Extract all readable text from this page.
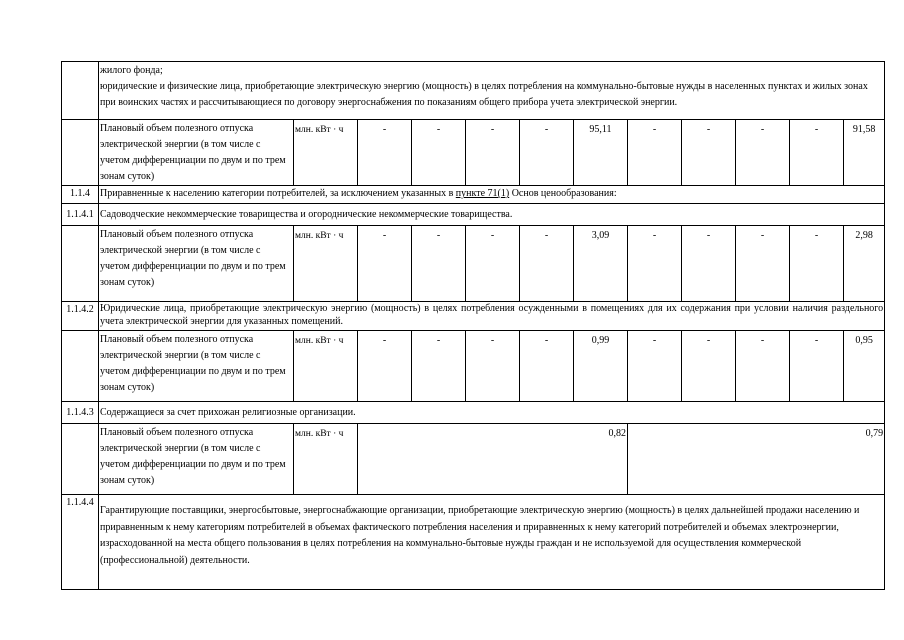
	жилого фонда;
юридические и физические лица, приобретающие электрическую энергию (мощность) в целях потребления на коммунально-бытовые нужды в населенных пунктах и жилых зонах при воинских частях и рассчитывающиеся по договору энергоснабжения по показаниям общего прибора учета электрической энергии.											

	Плановый объем полезного отпуска электрической энергии (в том числе с учетом дифференциации по двум и по трем зонам суток)	млн. кВт · ч	-	-	-	-	95,11	-	-	-	-	91,58
1.1.4	Приравненные к населению категории потребителей, за исключением указанных в пункте 71(1) Основ ценообразования:											
1.1.4.1	Садоводческие некоммерческие товарищества и огороднические некоммерческие товарищества.											
	Плановый объем полезного отпуска электрической энергии (в том числе с учетом дифференциации по двум и по трем зонам суток)	млн. кВт · ч	-	-	-	-	3,09	-	-	-	-	2,98
1.1.4.2	Юридические лица, приобретающие электрическую энергию (мощность) в целях потребления осужденными в помещениях для их содержания при условии наличия раздельного учета электрической энергии для указанных помещений.											
	Плановый объем полезного отпуска электрической энергии (в том числе с учетом дифференциации по двум и по трем зонам суток)	млн. кВт · ч	-	-	-	-	0,99	-	-	-	-	0,95
1.1.4.3	Содержащиеся за счет прихожан религиозные организации.											
	Плановый объем полезного отпуска электрической энергии (в том числе с учетом дифференциации по двум и по трем зонам суток)	млн. кВт · ч	0,82					0,79				
1.1.4.4	Гарантирующие поставщики, энергосбытовые, энергоснабжающие организации, приобретающие электрическую энергию (мощность) в целях дальнейшей продажи населению и приравненным к нему категориям потребителей в объемах фактического потребления населения и приравненных к нему категорий потребителей и объемах электроэнергии, израсходованной на места общего пользования в целях потребления на коммунально-бытовые нужды граждан и не используемой для осуществления коммерческой (профессиональной) деятельности.											
